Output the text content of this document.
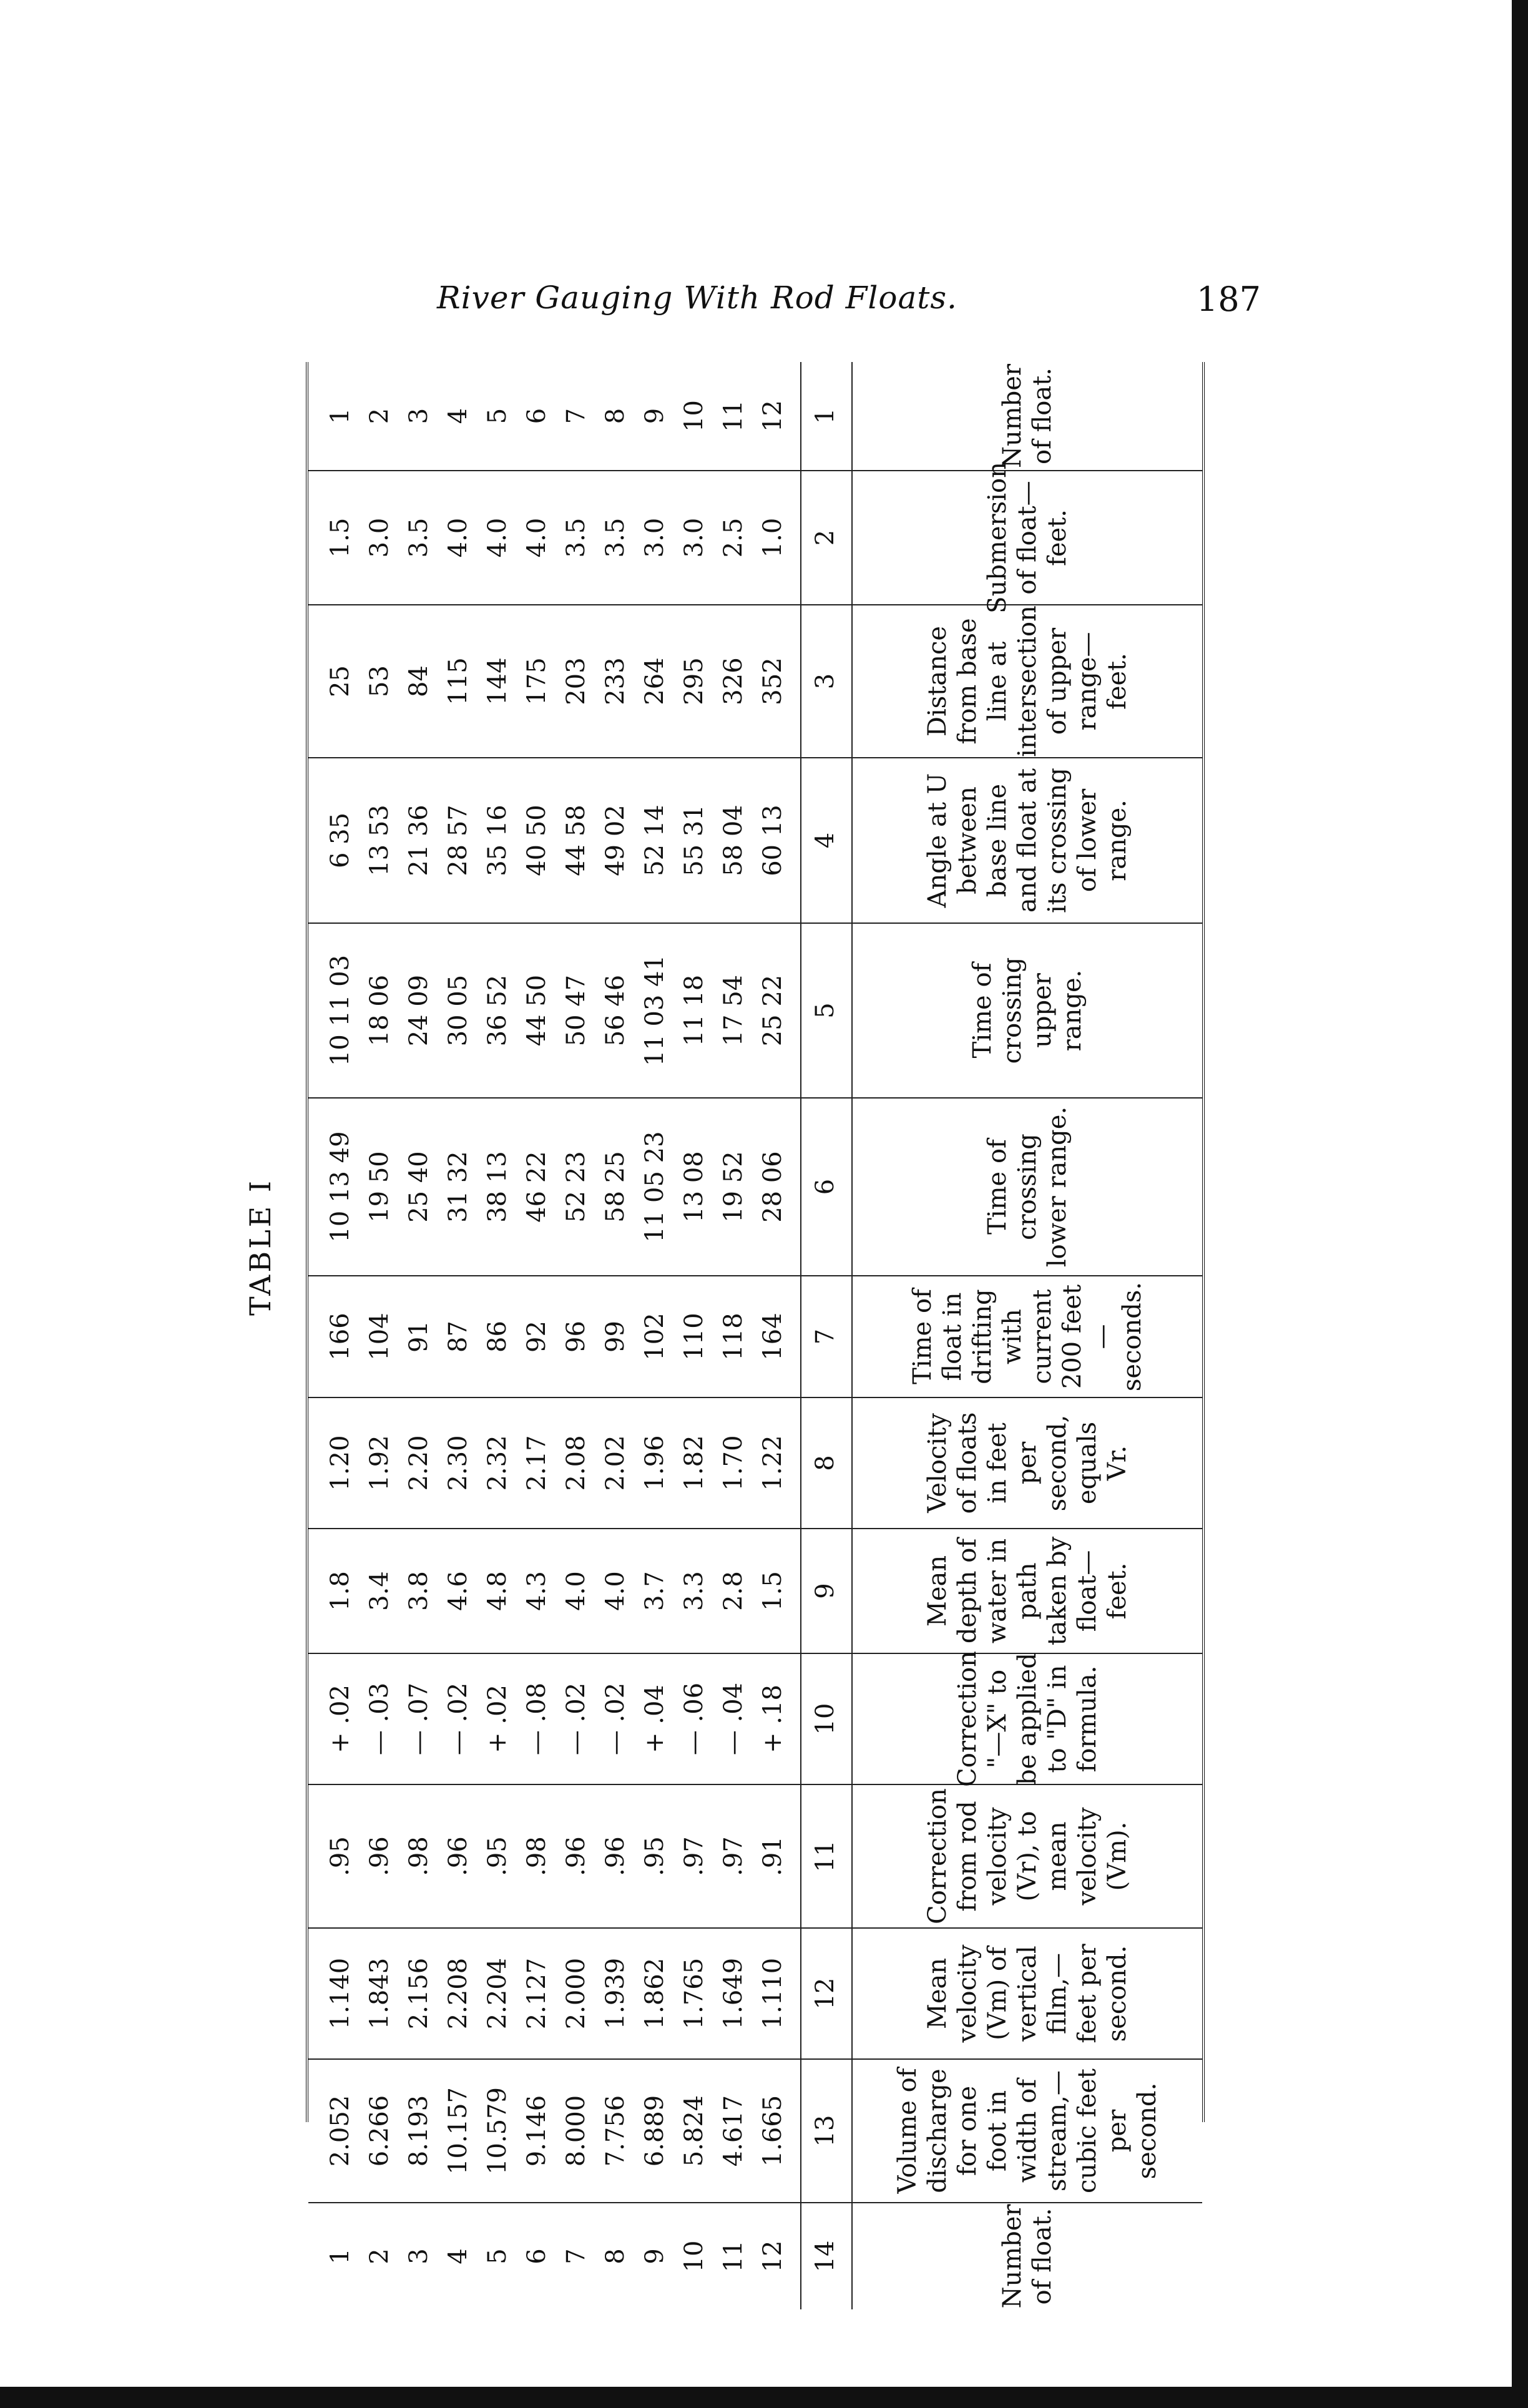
River Gauging With Rod Floats.	187
TABLE I
Number of float.
1
1 2 3 4 5 6 7 8 9 10 11 12
Submersion of float—feet.
2
1.5 3.0 3.5 4.0 4.0 4.0 3.5 3.5 3.0 3.0 2.5 1.0
Distance from base line at intersection of upper range—feet.
3
25 53 84 115 144 175 203 233 264 295 326 352
Angle at U between base line and float at its crossing of lower range.
4
6 35 13 53 21 36 28 57 35 16 40 50 44 58 49 02 52 14 55 31 58 04 60 13
Time of crossing upper range.
5
10 11 03 18 06 24 09 30 05 36 52 44 50 50 47 56 46 11 03 41 11 18 17 54 25 22
Time of crossing lower range.
6
10 13 49 19 50 25 40 31 32 38 13 46 22 52 23 58 25 11 05 23 13 08 19 52 28 06
Time of float in drifting with current 200 feet—seconds.
7
166 104 91 87 86 92 96 99 102 110 118 164
Velocity of floats in feet per second, equals Vr.
8
1.20 1.92 2.20 2.30 2.32 2.17 2.08 2.02 1.96 1.82 1.70 1.22
Mean depth of water in path taken by float—feet.
9
1.8 3.4 3.8 4.6 4.8 4.3 4.0 4.0 3.7 3.3 2.8 1.5
Correction "—X" to be applied to "D" in formula.
10
+ .02 — .03 — .07 — .02 + .02 — .08 — .02 — .02 + .04 — .06 — .04 + .18
Correction from rod velocity (Vr), to mean velocity (Vm).
11
.95 .96 .98 .96 .95 .98 .96 .96 .95 .97 .97 .91
Mean velocity (Vm) of vertical film,—feet per second.
12
1.140 1.843 2.156 2.208 2.204 2.127 2.000 1.939 1.862 1.765 1.649 1.110
Volume of discharge for one foot in width of stream,—cubic feet per second.
13
2.052 6.266 8.193 10.157 10.579 9.146 8.000 7.756 6.889 5.824 4.617 1.665
Number of float.
14
1 2 3 4 5 6 7 8 9 10 11 12
